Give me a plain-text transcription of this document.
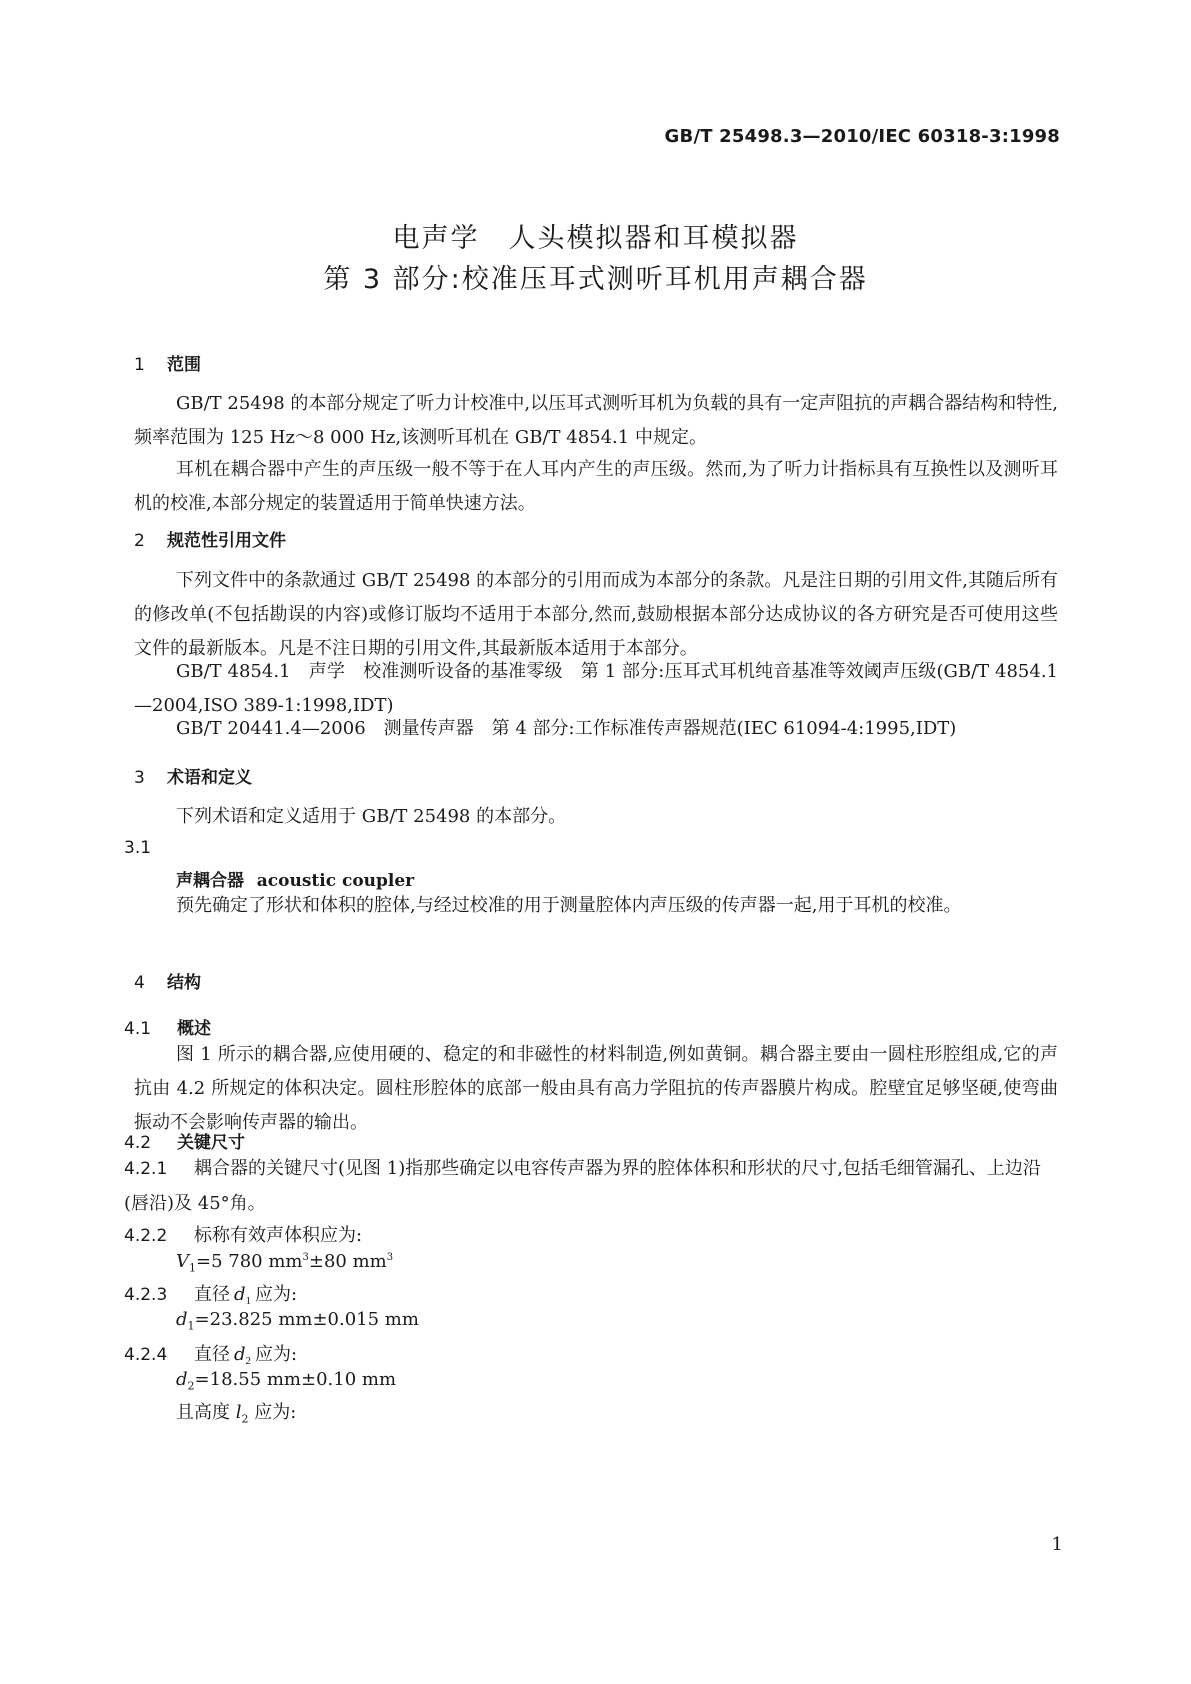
GB/T 25498.3—2010/IEC 60318-3:1998
电声学　人头模拟器和耳模拟器
第 3 部分:校准压耳式测听耳机用声耦合器
1 范围
GB/T 25498 的本部分规定了听力计校准中,以压耳式测听耳机为负载的具有一定声阻抗的声耦合器结构和特性,频率范围为 125 Hz～8 000 Hz,该测听耳机在 GB/T 4854.1 中规定。
耳机在耦合器中产生的声压级一般不等于在人耳内产生的声压级。然而,为了听力计指标具有互换性以及测听耳机的校准,本部分规定的装置适用于简单快速方法。
2 规范性引用文件
下列文件中的条款通过 GB/T 25498 的本部分的引用而成为本部分的条款。凡是注日期的引用文件,其随后所有的修改单(不包括勘误的内容)或修订版均不适用于本部分,然而,鼓励根据本部分达成协议的各方研究是否可使用这些文件的最新版本。凡是不注日期的引用文件,其最新版本适用于本部分。
GB/T 4854.1　声学　校准测听设备的基准零级　第 1 部分:压耳式耳机纯音基准等效阈声压级(GB/T 4854.1—2004,ISO 389-1:1998,IDT)
GB/T 20441.4—2006　测量传声器　第 4 部分:工作标准传声器规范(IEC 61094-4:1995,IDT)
3 术语和定义
下列术语和定义适用于 GB/T 25498 的本部分。
3.1
声耦合器 acoustic coupler
预先确定了形状和体积的腔体,与经过校准的用于测量腔体内声压级的传声器一起,用于耳机的校准。
4 结构
4.1 概述
图 1 所示的耦合器,应使用硬的、稳定的和非磁性的材料制造,例如黄铜。耦合器主要由一圆柱形腔组成,它的声抗由 4.2 所规定的体积决定。圆柱形腔体的底部一般由具有高力学阻抗的传声器膜片构成。腔壁宜足够坚硬,使弯曲振动不会影响传声器的输出。
4.2 关键尺寸
4.2.1 耦合器的关键尺寸(见图 1)指那些确定以电容传声器为界的腔体体积和形状的尺寸,包括毛细管漏孔、上边沿(唇沿)及 45°角。
4.2.2 标称有效声体积应为:
$V_1=5$ 780 $mm^3\pm 80$ $mm^3$
4.2.3 直径 $d_1$ 应为:
$d_1=23.825$ mm±0.015 mm
4.2.4 直径 $d_2$ 应为:
$d_2=18.55$ mm±0.10 mm
且高度 $l_2$ 应为:
1
